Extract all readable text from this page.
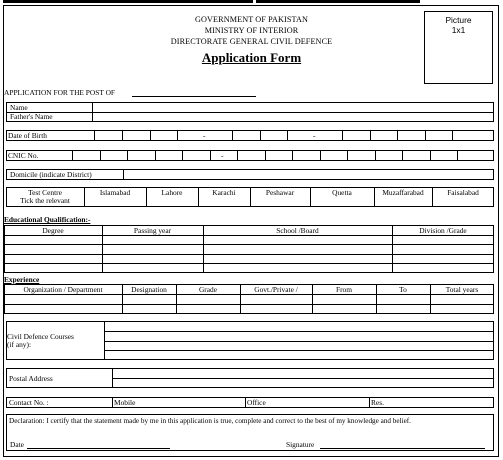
GOVERNMENT OF PAKISTAN
MINISTRY OF INTERIOR
DIRECTORATE GENERAL CIVIL DEFENCE
Application Form
Picture
1x1
APPLICATION FOR THE POST OF
Name
Father's Name
Date of Birth	-	-
CNIC No.	-
Domicile (indicate District)
Test Centre
Tick the relevant
Islamabad	Lahore	Karachi	Peshawar	Quetta	Muzaffarabad	Faisalabad
Educational Qualification:-
Degree	Passing year	School /Board	Division /Grade
Experience
Organization / Department	Designation	Grade	Govt./Private /	From	To	Total years
Civil Defence Courses
(if any):
Postal Address
Contact No. :	Mobile	Office	Res.
Declaration: I certify that the statement made by me in this application is true, complete and correct to the best of my knowledge and belief.
Date	Signature
